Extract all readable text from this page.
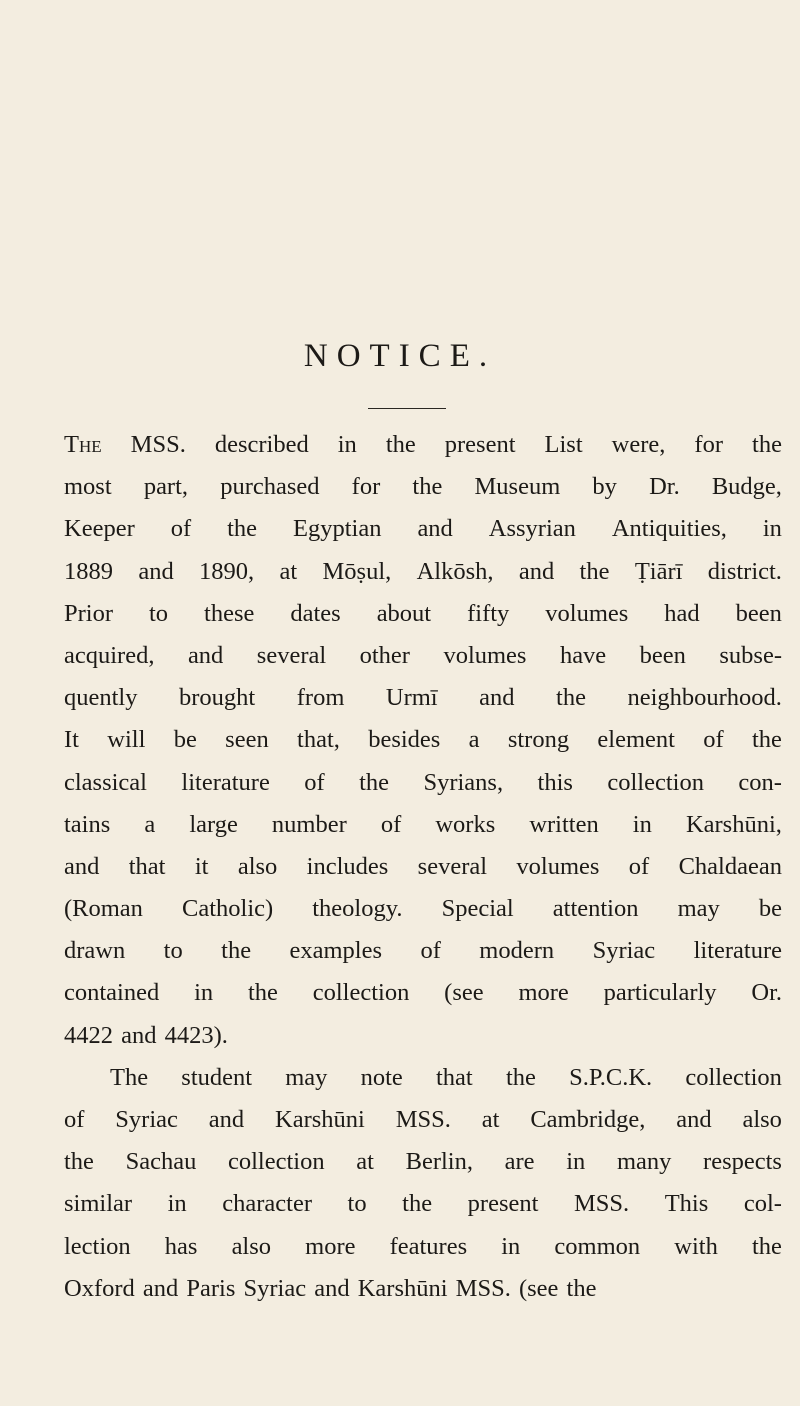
NOTICE.
The MSS. described in the present List were, for the
most part, purchased for the Museum by Dr. Budge,
Keeper of the Egyptian and Assyrian Antiquities, in
1889 and 1890, at Mōṣul, Alkōsh, and the Ṭiārī district.
Prior to these dates about fifty volumes had been
acquired, and several other volumes have been subse-
quently brought from Urmī and the neighbourhood.
It will be seen that, besides a strong element of the
classical literature of the Syrians, this collection con-
tains a large number of works written in Karshūni,
and that it also includes several volumes of Chaldaean
(Roman Catholic) theology. Special attention may be
drawn to the examples of modern Syriac literature
contained in the collection (see more particularly Or.
4422 and 4423).
The student may note that the S.P.C.K. collection
of Syriac and Karshūni MSS. at Cambridge, and also
the Sachau collection at Berlin, are in many respects
similar in character to the present MSS. This col-
lection has also more features in common with the
Oxford and Paris Syriac and Karshūni MSS. (see the
